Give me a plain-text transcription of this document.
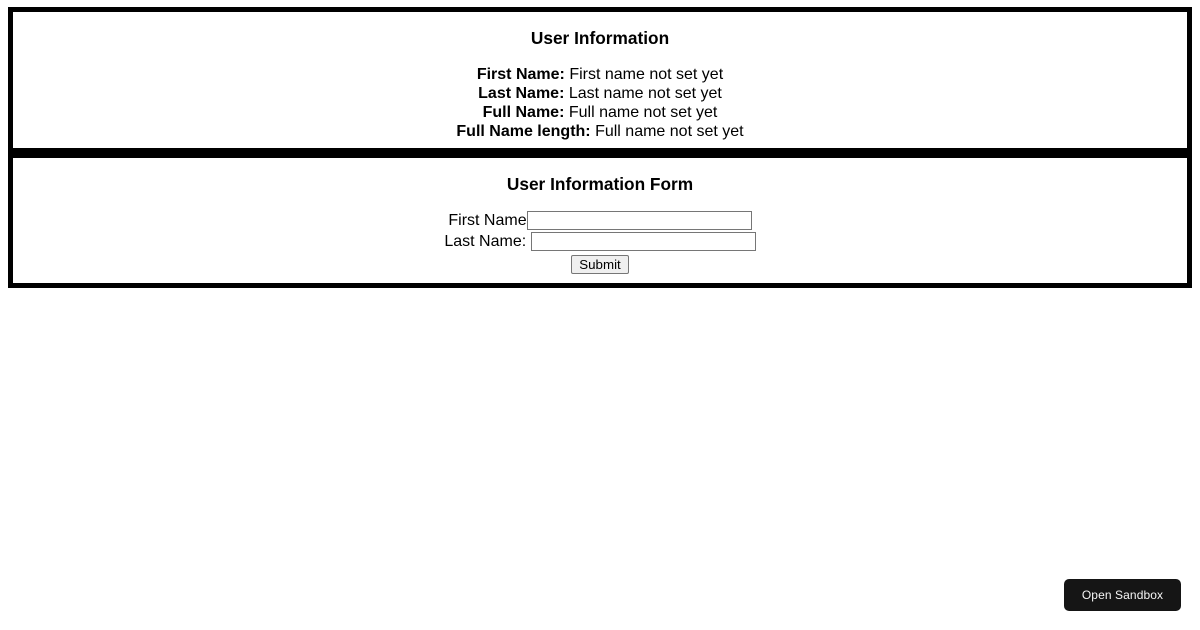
User Information
First Name: First name not set yet
Last Name: Last name not set yet
Full Name: Full name not set yet
Full Name length: Full name not set yet
User Information Form
First Name
Last Name:
Submit
Open Sandbox
